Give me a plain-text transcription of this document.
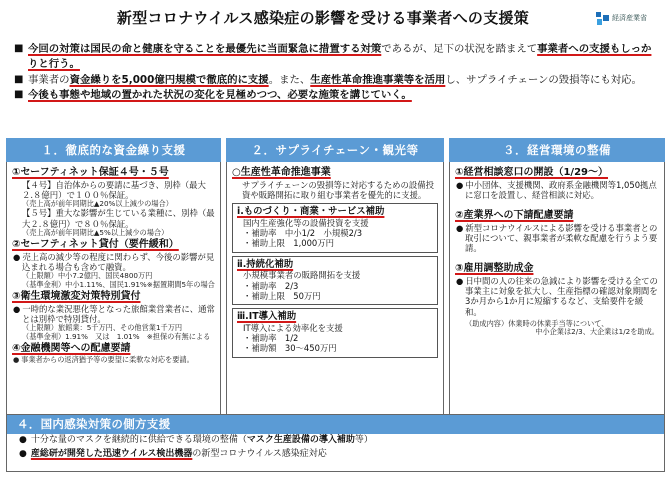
新型コロナウイルス感染症の影響を受ける事業者への支援策	経済産業省
■ 今回の対策は国民の命と健康を守ることを最優先に当面緊急に措置する対策であるが、足下の状況を踏まえて事業者への支援もしっかりと行う。
■ 事業者の資金繰りを5,000億円規模で徹底的に支援。また、生産性革命推進事業等を活用し、サプライチェーンの毀損等にも対応。
■ 今後も事態や地域の置かれた状況の変化を見極めつつ、必要な施策を講じていく。
１．徹底的な資金繰り支援
①セーフティネット保証４号・５号
【４号】自治体からの要請に基づき、別枠（最大２.８億円）で１００％保証。
（売上高が前年同期比▲20%以上減少の場合）
【５号】重大な影響が生じている業種に、別枠（最大２.８億円）で８０％保証。
（売上高が前年同期比▲5%以上減少の場合）
②セーフティネット貸付（要件緩和）
● 売上高の減少等の程度に関わらず、今後の影響が見込まれる場合も含めて融資。
（上限額）中小7.2億円、国民4800万円
（基準金利）中小1.11%、国民1.91%※据置期間5年の場合
③衛生環境激変対策特別貸付
● 一時的な業況悪化等となった旅館業営業者に、通常とは別枠で特別貸付。
（上限額）旅館業：5千万円、その他営業1千万円
（基準金利）1.91%　又は　1.01%　※担保の有無による
④金融機関等への配慮要請
● 事業者からの返済猶予等の要望に柔軟な対応を要請。
２．サプライチェーン・観光等
○生産性革命推進事業
サプライチェーンの毀損等に対応するための設備投資や販路開拓に取り組む事業者を優先的に支援。
ⅰ.ものづくり・商業・サービス補助
国内生産強化等の設備投資を支援
・補助率　中小1/2　小規模2/3
・補助上限　1,000万円
ⅱ.持続化補助
小規模事業者の販路開拓を支援
・補助率　2/3
・補助上限　50万円
ⅲ.IT導入補助
IT導入による効率化を支援
・補助率　1/2
・補助額　30～450万円
３．経営環境の整備
①経営相談窓口の開設（1/29～）
● 中小団体、支援機関、政府系金融機関等1,050拠点に窓口を設置し、経営相談に対応。
②産業界への下請配慮要請
● 新型コロナウイルスによる影響を受ける事業者との取引について、親事業者が柔軟な配慮を行うよう要請。
③雇用調整助成金
● 日中間の人の往来の急減により影響を受ける全ての事業主に対象を拡大し、生産指標の確認対象期間を3か月から1か月に短縮するなど、支給要件を緩和。
（助成内容）休業時の休業手当等について、
中小企業は2/3、大企業は1/2を助成。
４．国内感染対策の側方支援
● 十分な量のマスクを継続的に供給できる環境の整備（マスク生産設備の導入補助等）
● 産総研が開発した迅速ウイルス検出機器の新型コロナウイルス感染症対応
